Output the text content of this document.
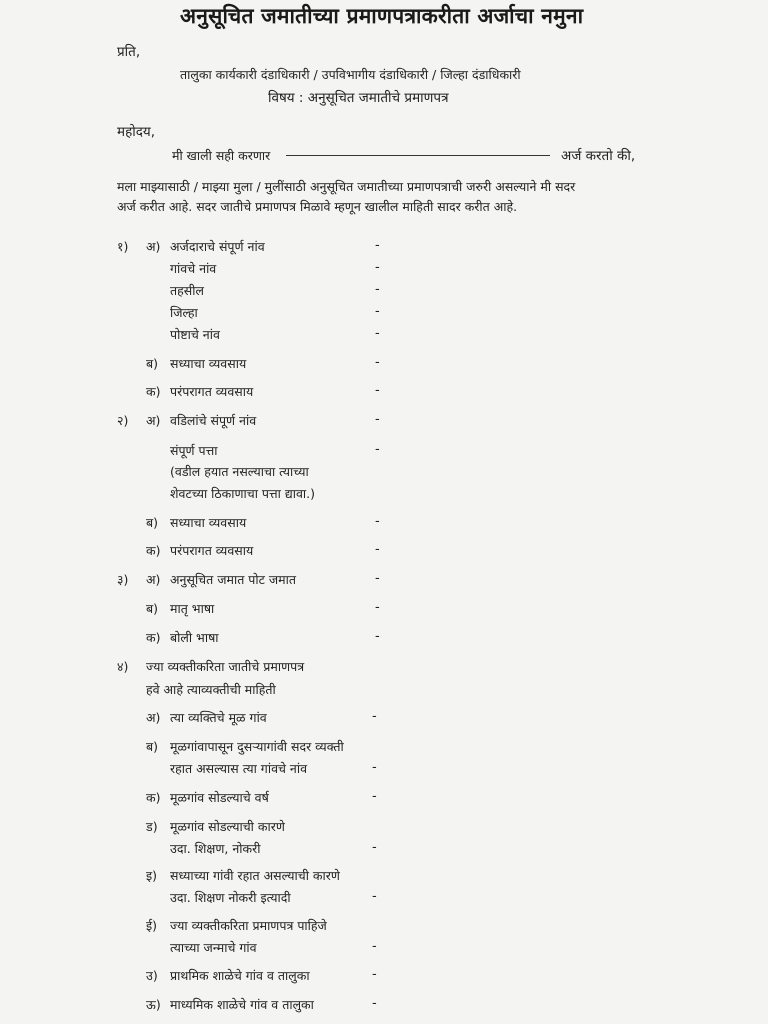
अनुसूचित जमातीच्या प्रमाणपत्राकरीता अर्जाचा नमुना
प्रति,
तालुका कार्यकारी दंडाधिकारी / उपविभागीय दंडाधिकारी / जिल्हा दंडाधिकारी
विषय : अनुसूचित जमातीचे प्रमाणपत्र
महोदय,
मी खाली सही करणार	अर्ज करतो की,
मला माझ्यासाठी / माझ्या मुला / मुलींसाठी अनुसूचित जमातीच्या प्रमाणपत्राची जरुरी असल्याने मी सदर
अर्ज करीत आहे. सदर जातीचे प्रमाणपत्र मिळावे म्हणून खालील माहिती सादर करीत आहे.
१) अ) अर्जदाराचे संपूर्ण नांव	-
गांवचे नांव	-
तहसील	-
जिल्हा	-
पोष्टाचे नांव	-
ब) सध्याचा व्यवसाय	-
क) परंपरागत व्यवसाय	-
२) अ) वडिलांचे संपूर्ण नांव	-
संपूर्ण पत्ता	-
(वडील हयात नसल्याचा त्याच्या
शेवटच्या ठिकाणाचा पत्ता द्यावा.)
ब) सध्याचा व्यवसाय	-
क) परंपरागत व्यवसाय	-
३) अ) अनुसूचित जमात पोट जमात	-
ब) मातृ भाषा	-
क) बोली भाषा	-
४) ज्या व्यक्तीकरिता जातीचे प्रमाणपत्र
हवे आहे त्याव्यक्तीची माहिती
अ) त्या व्यक्तिचे मूळ गांव	-
ब) मूळगांवापासून दुसऱ्यागांवी सदर व्यक्ती
रहात असल्यास त्या गांवचे नांव	-
क) मूळगांव सोडल्याचे वर्ष	-
ड) मूळगांव सोडल्याची कारणे
उदा. शिक्षण, नोकरी	-
इ) सध्याच्या गांवी रहात असल्याची कारणे
उदा. शिक्षण नोकरी इत्यादी	-
ई) ज्या व्यक्तीकरिता प्रमाणपत्र पाहिजे
त्याच्या जन्माचे गांव	-
उ) प्राथमिक शाळेचे गांव व तालुका	-
ऊ) माध्यमिक शाळेचे गांव व तालुका	-
